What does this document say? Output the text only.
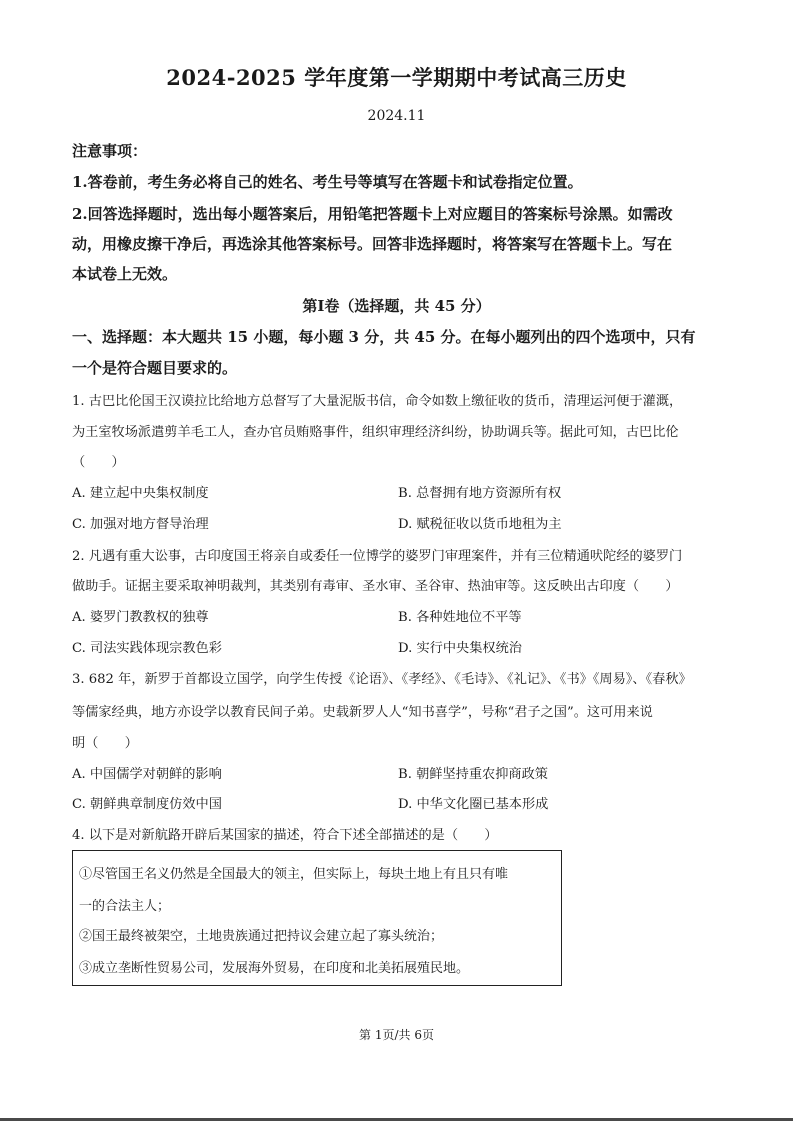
2024-2025 学年度第一学期期中考试高三历史
2024.11
注意事项：
1.答卷前，考生务必将自己的姓名、考生号等填写在答题卡和试卷指定位置。
2.回答选择题时，选出每小题答案后，用铅笔把答题卡上对应题目的答案标号涂黑。如需改
动，用橡皮擦干净后，再选涂其他答案标号。回答非选择题时，将答案写在答题卡上。写在
本试卷上无效。
第Ⅰ卷（选择题，共 45 分）
一、选择题：本大题共 15 小题，每小题 3 分，共 45 分。在每小题列出的四个选项中，只有
一个是符合题目要求的。
1. 古巴比伦国王汉谟拉比给地方总督写了大量泥版书信，命令如数上缴征收的货币，清理运河便于灌溉，
为王室牧场派遣剪羊毛工人，查办官员贿赂事件，组织审理经济纠纷，协助调兵等。据此可知，古巴比伦
（　　）
A. 建立起中央集权制度	B. 总督拥有地方资源所有权
C. 加强对地方督导治理	D. 赋税征收以货币地租为主
2. 凡遇有重大讼事，古印度国王将亲自或委任一位博学的婆罗门审理案件，并有三位精通吠陀经的婆罗门
做助手。证据主要采取神明裁判，其类别有毒审、圣水审、圣谷审、热油审等。这反映出古印度（　　）
A. 婆罗门教教权的独尊	B. 各种姓地位不平等
C. 司法实践体现宗教色彩	D. 实行中央集权统治
3. 682 年，新罗于首都设立国学，向学生传授《论语》、《孝经》、《毛诗》、《礼记》、《书》《周易》、《春秋》
等儒家经典，地方亦设学以教育民间子弟。史载新罗人人“知书喜学”，号称“君子之国”。这可用来说
明（　　）
A. 中国儒学对朝鲜的影响	B. 朝鲜坚持重农抑商政策
C. 朝鲜典章制度仿效中国	D. 中华文化圈已基本形成
4. 以下是对新航路开辟后某国家的描述，符合下述全部描述的是（　　）
①尽管国王名义仍然是全国最大的领主，但实际上，每块土地上有且只有唯
一的合法主人；
②国王最终被架空，土地贵族通过把持议会建立起了寡头统治；
③成立垄断性贸易公司，发展海外贸易，在印度和北美拓展殖民地。
第 1页/共 6页
